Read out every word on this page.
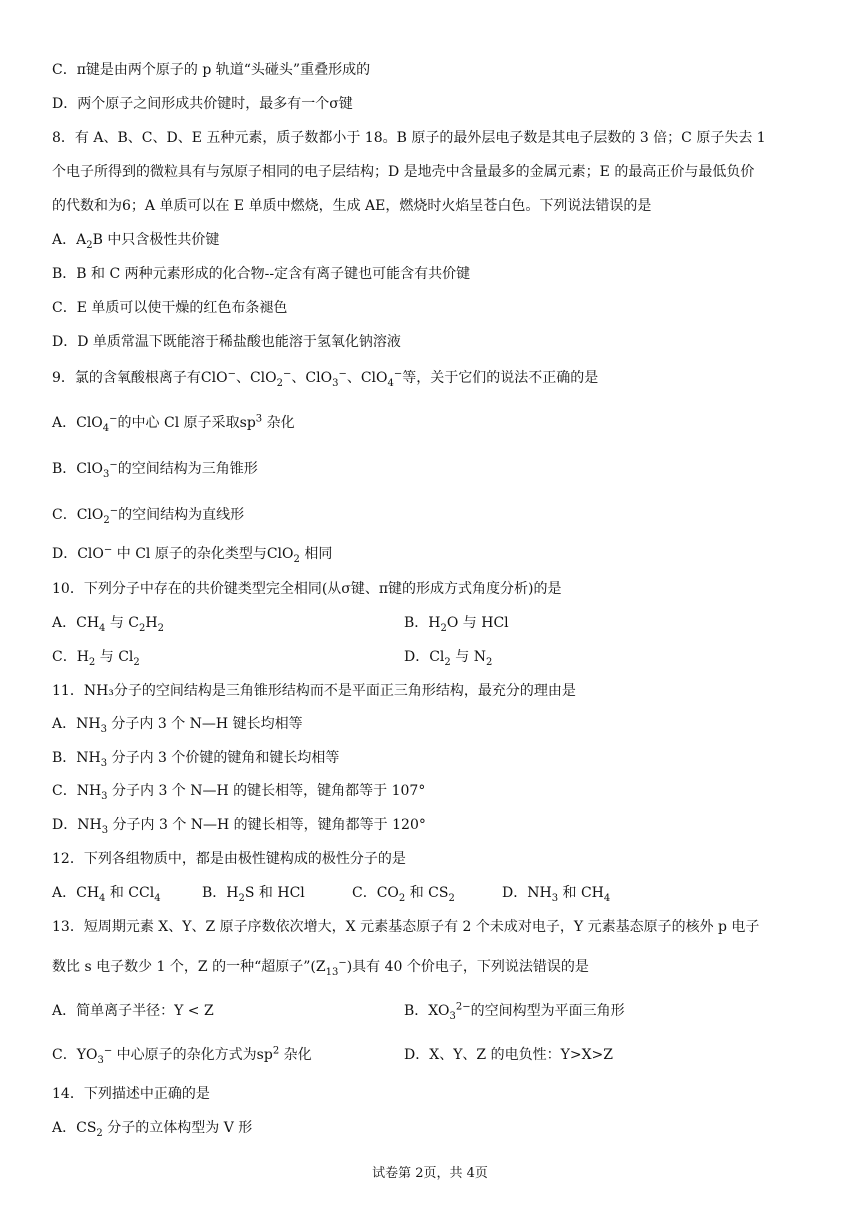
C．π键是由两个原子的 p 轨道“头碰头”重叠形成的
D．两个原子之间形成共价键时，最多有一个σ键
8．有 A、B、C、D、E 五种元素，质子数都小于 18。B 原子的最外层电子数是其电子层数的 3 倍；C 原子失去 1
个电子所得到的微粒具有与氖原子相同的电子层结构；D 是地壳中含量最多的金属元素；E 的最高正价与最低负价
的代数和为6；A 单质可以在 E 单质中燃烧，生成 AE，燃烧时火焰呈苍白色。下列说法错误的是
A．$A_2B$ 中只含极性共价键
B．B 和 C 两种元素形成的化合物--定含有离子键也可能含有共价键
C．E 单质可以使干燥的红色布条褪色
D．D 单质常温下既能溶于稀盐酸也能溶于氢氧化钠溶液
9．氯的含氧酸根离子有ClO−、ClO$_2$−、ClO$_3$−、ClO$_4$−等，关于它们的说法不正确的是
A．ClO$_4$−的中心 Cl 原子采取$sp^3$ 杂化
B．ClO$_3$−的空间结构为三角锥形
C．ClO$_2$−的空间结构为直线形
D．ClO− 中 Cl 原子的杂化类型与ClO$_2$ 相同
10．下列分子中存在的共价键类型完全相同(从σ键、π键的形成方式角度分析)的是
A．$CH_4$ 与 $C_2H_2$	B．$H_2O$ 与 HCl
C．$H_2$ 与 $Cl_2$	D．$Cl_2$ 与 $N_2$
11．NH₃分子的空间结构是三角锥形结构而不是平面正三角形结构，最充分的理由是
A．$NH_3$ 分子内 3 个 N—H 键长均相等
B．$NH_3$ 分子内 3 个价键的键角和键长均相等
C．$NH_3$ 分子内 3 个 N—H 的键长相等，键角都等于 107°
D．$NH_3$ 分子内 3 个 N—H 的键长相等，键角都等于 120°
12．下列各组物质中，都是由极性键构成的极性分子的是
A．$CH_4$ 和 CCl$_4$	B．$H_2S$ 和 HCl	C．$CO_2$ 和 $CS_2$	D．$NH_3$ 和 $CH_4$
13．短周期元素 X、Y、Z 原子序数依次增大，X 元素基态原子有 2 个未成对电子，Y 元素基态原子的核外 p 电子
数比 s 电子数少 1 个，Z 的一种“超原子$”(Z_{13}^-)$具有 40 个价电子，下列说法错误的是
A．简单离子半径：Y < Z	B．$XO_3^{2-}$的空间构型为平面三角形
C．$YO_3^-$ 中心原子的杂化方式为$sp^2$ 杂化	D．X、Y、Z 的电负性：Y>X>Z
14．下列描述中正确的是
A．$CS_2$ 分子的立体构型为 V 形
试卷第 2页，共 4页
